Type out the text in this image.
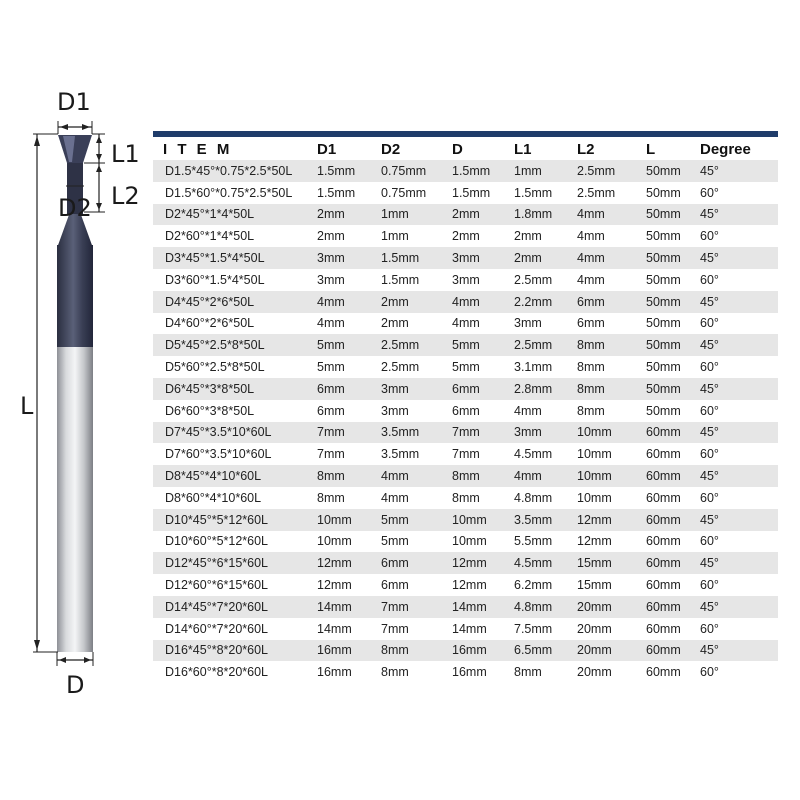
D1
L1
L2
D2
L
D
I T E M	D1	D2	D	L1	L2	L	Degree
D1.5*45°*0.75*2.5*50L	1.5mm	0.75mm	1.5mm	1mm	2.5mm	50mm	45°
D1.5*60°*0.75*2.5*50L	1.5mm	0.75mm	1.5mm	1.5mm	2.5mm	50mm	60°
D2*45°*1*4*50L	2mm	1mm	2mm	1.8mm	4mm	50mm	45°
D2*60°*1*4*50L	2mm	1mm	2mm	2mm	4mm	50mm	60°
D3*45°*1.5*4*50L	3mm	1.5mm	3mm	2mm	4mm	50mm	45°
D3*60°*1.5*4*50L	3mm	1.5mm	3mm	2.5mm	4mm	50mm	60°
D4*45°*2*6*50L	4mm	2mm	4mm	2.2mm	6mm	50mm	45°
D4*60°*2*6*50L	4mm	2mm	4mm	3mm	6mm	50mm	60°
D5*45°*2.5*8*50L	5mm	2.5mm	5mm	2.5mm	8mm	50mm	45°
D5*60°*2.5*8*50L	5mm	2.5mm	5mm	3.1mm	8mm	50mm	60°
D6*45°*3*8*50L	6mm	3mm	6mm	2.8mm	8mm	50mm	45°
D6*60°*3*8*50L	6mm	3mm	6mm	4mm	8mm	50mm	60°
D7*45°*3.5*10*60L	7mm	3.5mm	7mm	3mm	10mm	60mm	45°
D7*60°*3.5*10*60L	7mm	3.5mm	7mm	4.5mm	10mm	60mm	60°
D8*45°*4*10*60L	8mm	4mm	8mm	4mm	10mm	60mm	45°
D8*60°*4*10*60L	8mm	4mm	8mm	4.8mm	10mm	60mm	60°
D10*45°*5*12*60L	10mm	5mm	10mm	3.5mm	12mm	60mm	45°
D10*60°*5*12*60L	10mm	5mm	10mm	5.5mm	12mm	60mm	60°
D12*45°*6*15*60L	12mm	6mm	12mm	4.5mm	15mm	60mm	45°
D12*60°*6*15*60L	12mm	6mm	12mm	6.2mm	15mm	60mm	60°
D14*45°*7*20*60L	14mm	7mm	14mm	4.8mm	20mm	60mm	45°
D14*60°*7*20*60L	14mm	7mm	14mm	7.5mm	20mm	60mm	60°
D16*45°*8*20*60L	16mm	8mm	16mm	6.5mm	20mm	60mm	45°
D16*60°*8*20*60L	16mm	8mm	16mm	8mm	20mm	60mm	60°
